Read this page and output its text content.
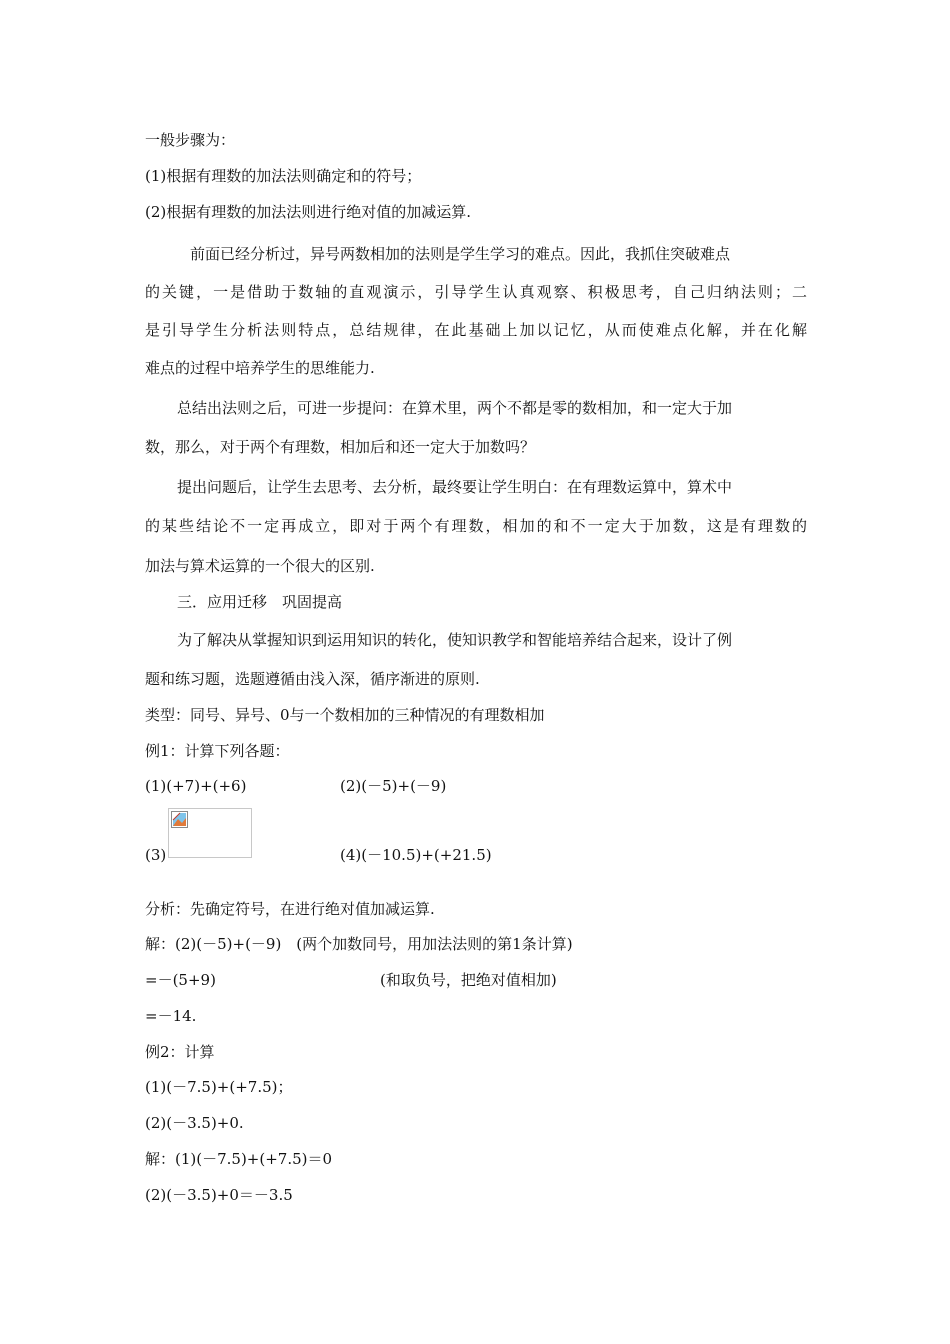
一般步骤为：
(1)根据有理数的加法法则确定和的符号；
(2)根据有理数的加法法则进行绝对值的加减运算.
前面已经分析过，异号两数相加的法则是学生学习的难点。因此，我抓住突破难点
的关键，一是借助于数轴的直观演示，引导学生认真观察、积极思考，自己归纳法则；二
是引导学生分析法则特点，总结规律，在此基础上加以记忆，从而使难点化解，并在化解
难点的过程中培养学生的思维能力.
总结出法则之后，可进一步提问：在算术里，两个不都是零的数相加，和一定大于加
数，那么，对于两个有理数，相加后和还一定大于加数吗？
提出问题后，让学生去思考、去分析，最终要让学生明白：在有理数运算中，算术中
的某些结论不一定再成立，即对于两个有理数，相加的和不一定大于加数，这是有理数的
加法与算术运算的一个很大的区别.
三．应用迁移　巩固提高
为了解决从掌握知识到运用知识的转化，使知识教学和智能培养结合起来，设计了例
题和练习题，选题遵循由浅入深，循序渐进的原则.
类型：同号、异号、0与一个数相加的三种情况的有理数相加
例1：计算下列各题：
(1)(+7)+(+6)	(2)(－5)+(－9)
(3)	(4)(－10.5)+(+21.5)
分析：先确定符号，在进行绝对值加减运算.
解：(2)(－5)+(－9)　(两个加数同号，用加法法则的第1条计算)
=－(5+9)	(和取负号，把绝对值相加)
=－14.
例2：计算
(1)(－7.5)+(+7.5)；
(2)(－3.5)+0.
解：(1)(－7.5)+(+7.5)＝0
(2)(－3.5)+0＝－3.5
